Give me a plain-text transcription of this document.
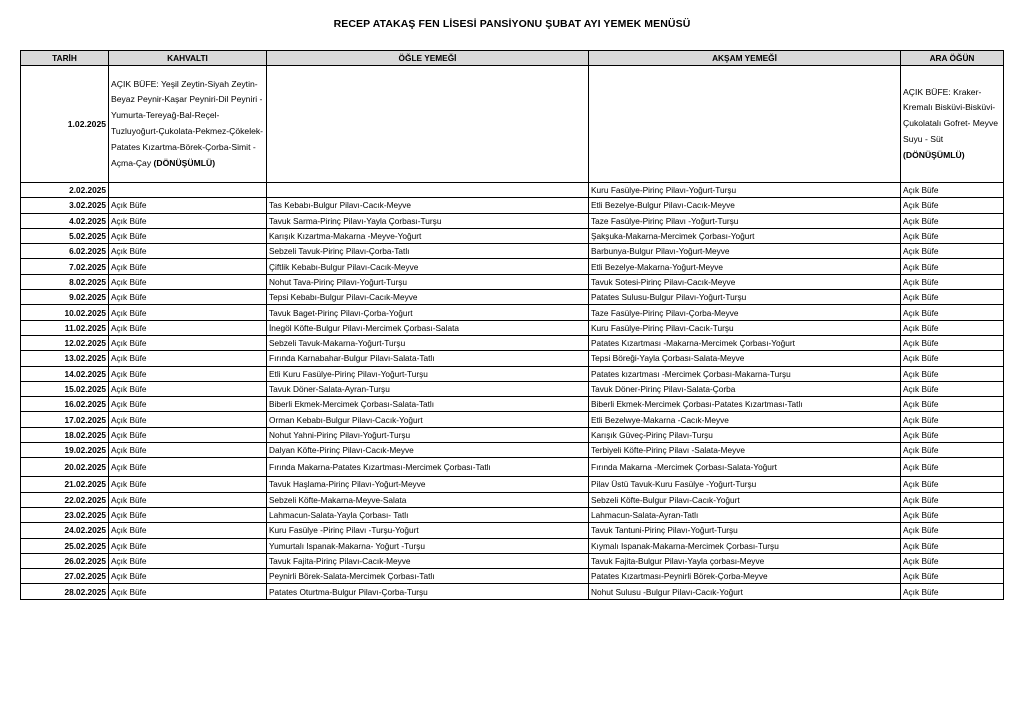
RECEP ATAKAŞ FEN LİSESİ PANSİYONU ŞUBAT AYI YEMEK MENÜSÜ
TARİH	KAHVALTI	ÖĞLE YEMEĞİ	AKŞAM YEMEĞİ	ARA ÖĞÜN
1.02.2025	AÇIK BÜFE: Yeşil Zeytin-Siyah Zeytin-Beyaz Peynir-Kaşar Peyniri-Dil Peyniri -Yumurta-Tereyağ-Bal-Reçel-Tuzluyoğurt-Çukolata-Pekmez-Çökelek-Patates Kızartma-Börek-Çorba-Simit -Açma-Çay (DÖNÜŞÜMLÜ)			AÇIK BÜFE: Kraker-Kremalı Bisküvi-Bisküvi-Çukolatalı Gofret- Meyve Suyu - Süt (DÖNÜŞÜMLÜ)
2.02.2025			Kuru Fasülye-Pirinç Pilavı-Yoğurt-Turşu	Açık Büfe
3.02.2025	Açık Büfe	Tas Kebabı-Bulgur Pilavı-Cacık-Meyve	Etli Bezelye-Bulgur Pilavı-Cacık-Meyve	Açık Büfe
4.02.2025	Açık Büfe	Tavuk Sarma-Pirinç Pilavı-Yayla Çorbası-Turşu	Taze Fasülye-Pirinç Pilavı -Yoğurt-Turşu	Açık Büfe
5.02.2025	Açık Büfe	Karışık Kızartma-Makarna -Meyve-Yoğurt	Şakşuka-Makarna-Mercimek Çorbası-Yoğurt	Açık Büfe
6.02.2025	Açık Büfe	Sebzeli Tavuk-Pirinç Pilavı-Çorba-Tatlı	Barbunya-Bulgur Pilavı-Yoğurt-Meyve	Açık Büfe
7.02.2025	Açık Büfe	Çiftlik Kebabı-Bulgur Pilavı-Cacık-Meyve	Etli Bezelye-Makarna-Yoğurt-Meyve	Açık Büfe
8.02.2025	Açık Büfe	Nohut Tava-Pirinç Pilavı-Yoğurt-Turşu	Tavuk Sotesi-Pirinç Pilavı-Cacık-Meyve	Açık Büfe
9.02.2025	Açık Büfe	Tepsi Kebabı-Bulgur Pilavı-Cacık-Meyve	Patates Sulusu-Bulgur Pilavı-Yoğurt-Turşu	Açık Büfe
10.02.2025	Açık Büfe	Tavuk Baget-Pirinç Pilavı-Çorba-Yoğurt	Taze Fasülye-Pirinç Pilavı-Çorba-Meyve	Açık Büfe
11.02.2025	Açık Büfe	İnegöl Köfte-Bulgur Pilavı-Mercimek Çorbası-Salata	Kuru Fasülye-Pirinç Pilavı-Cacık-Turşu	Açık Büfe
12.02.2025	Açık Büfe	Sebzeli Tavuk-Makarna-Yoğurt-Turşu	Patates Kızartması -Makarna-Mercimek Çorbası-Yoğurt	Açık Büfe
13.02.2025	Açık Büfe	Fırında Karnabahar-Bulgur Pilavı-Salata-Tatlı	Tepsi Böreği-Yayla Çorbası-Salata-Meyve	Açık Büfe
14.02.2025	Açık Büfe	Etli Kuru Fasülye-Pirinç Pilavı-Yoğurt-Turşu	Patates kızartması -Mercimek Çorbası-Makarna-Turşu	Açık Büfe
15.02.2025	Açık Büfe	Tavuk Döner-Salata-Ayran-Turşu	Tavuk Döner-Pirinç Pilavı-Salata-Çorba	Açık Büfe
16.02.2025	Açık Büfe	Biberli Ekmek-Mercimek Çorbası-Salata-Tatlı	Biberli Ekmek-Mercimek Çorbası-Patates Kızartması-Tatlı	Açık Büfe
17.02.2025	Açık Büfe	Orman Kebabı-Bulgur Pilavı-Cacık-Yoğurt	Etli Bezelwye-Makarna -Cacık-Meyve	Açık Büfe
18.02.2025	Açık Büfe	Nohut Yahni-Pirinç Pilavı-Yoğurt-Turşu	Karışık Güveç-Pirinç Pilavı-Turşu	Açık Büfe
19.02.2025	Açık Büfe	Dalyan Köfte-Pirinç Pilavı-Cacık-Meyve	Terbiyeli Köfte-Pirinç Pilavı -Salata-Meyve	Açık Büfe
20.02.2025	Açık Büfe	Fırında Makarna-Patates Kızartması-Mercimek Çorbası-Tatlı	Fırında Makarna -Mercimek Çorbası-Salata-Yoğurt	Açık Büfe
21.02.2025	Açık Büfe	Tavuk Haşlama-Pirinç Pilavı-Yoğurt-Meyve	Pilav Üstü Tavuk-Kuru Fasülye -Yoğurt-Turşu	Açık Büfe
22.02.2025	Açık Büfe	Sebzeli Köfte-Makarna-Meyve-Salata	Sebzeli Köfte-Bulgur Pilavı-Cacık-Yoğurt	Açık Büfe
23.02.2025	Açık Büfe	Lahmacun-Salata-Yayla Çorbası- Tatlı	Lahmacun-Salata-Ayran-Tatlı	Açık Büfe
24.02.2025	Açık Büfe	Kuru Fasülye -Pirinç Pilavı -Turşu-Yoğurt	Tavuk Tantuni-Pirinç Pilavı-Yoğurt-Turşu	Açık Büfe
25.02.2025	Açık Büfe	Yumurtalı Ispanak-Makarna- Yoğurt -Turşu	Kıymalı Ispanak-Makarna-Mercimek Çorbası-Turşu	Açık Büfe
26.02.2025	Açık Büfe	Tavuk Fajita-Pirinç Pilavı-Cacık-Meyve	Tavuk Fajita-Bulgur Pilavı-Yayla çorbası-Meyve	Açık Büfe
27.02.2025	Açık Büfe	Peynirli Börek-Salata-Mercimek Çorbası-Tatlı	Patates Kızartması-Peynirli Börek-Çorba-Meyve	Açık Büfe
28.02.2025	Açık Büfe	Patates Oturtma-Bulgur Pilavı-Çorba-Turşu	Nohut Sulusu -Bulgur Pilavı-Cacık-Yoğurt	Açık Büfe
